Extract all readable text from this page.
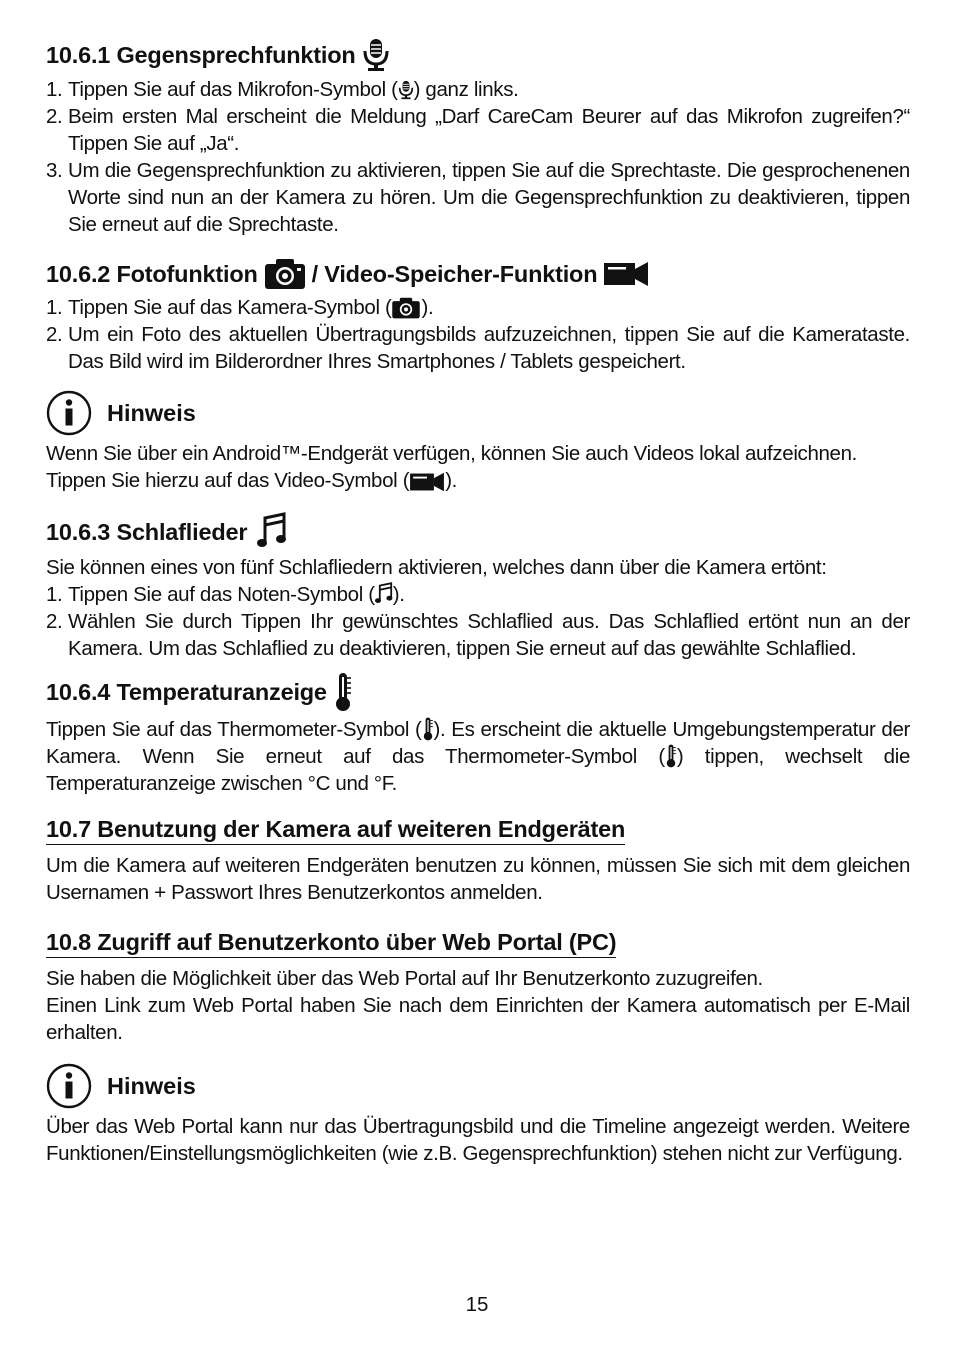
10.6.1 Gegensprechfunktion
1. Tippen Sie auf das Mikrofon-Symbol ( ) ganz links.
2. Beim ersten Mal erscheint die Meldung „Darf CareCam Beurer auf das Mikrofon zugreifen?“ Tippen Sie auf „Ja“.
3. Um die Gegensprechfunktion zu aktivieren, tippen Sie auf die Sprechtaste. Die gesprochenenen Worte sind nun an der Kamera zu hören. Um die Gegensprechfunktion zu deaktivieren, tippen Sie erneut auf die Sprechtaste.
10.6.2 Fotofunktion / Video-Speicher-Funktion
1. Tippen Sie auf das Kamera-Symbol ( ).
2. Um ein Foto des aktuellen Übertragungsbilds aufzuzeichnen, tippen Sie auf die Kamerataste. Das Bild wird im Bilderordner Ihres Smartphones / Tablets gespeichert.
Hinweis

Wenn Sie über ein Android™-Endgerät verfügen, können Sie auch Videos lokal aufzeichnen.
Tippen Sie hierzu auf das Video-Symbol ( ).

10.6.3 Schlaflieder

Sie können eines von fünf Schlafliedern aktivieren, welches dann über die Kamera ertönt:

1. Tippen Sie auf das Noten-Symbol ( ).
2. Wählen Sie durch Tippen Ihr gewünschtes Schlaflied aus. Das Schlaflied ertönt nun an der Kamera. Um das Schlaflied zu deaktivieren, tippen Sie erneut auf das gewählte Schlaflied.
10.6.4 Temperaturanzeige

Tippen Sie auf das Thermometer-Symbol ( ). Es erscheint die aktuelle Umgebungstemperatur der Kamera. Wenn Sie erneut auf das Thermometer-Symbol ( ) tippen, wechselt die Temperaturanzeige zwischen °C und °F.

10.7 Benutzung der Kamera auf weiteren Endgeräten

Um die Kamera auf weiteren Endgeräten benutzen zu können, müssen Sie sich mit dem gleichen Usernamen + Passwort Ihres Benutzerkontos anmelden.

10.8 Zugriff auf Benutzerkonto über Web Portal (PC)

Sie haben die Möglichkeit über das Web Portal auf Ihr Benutzerkonto zuzugreifen.

Einen Link zum Web Portal haben Sie nach dem Einrichten der Kamera automatisch per E-Mail erhalten.

Hinweis

Über das Web Portal kann nur das Übertragungsbild und die Timeline angezeigt werden. Weitere Funktionen/Einstellungsmöglichkeiten (wie z.B. Gegensprechfunktion) stehen nicht zur Verfügung.

15
